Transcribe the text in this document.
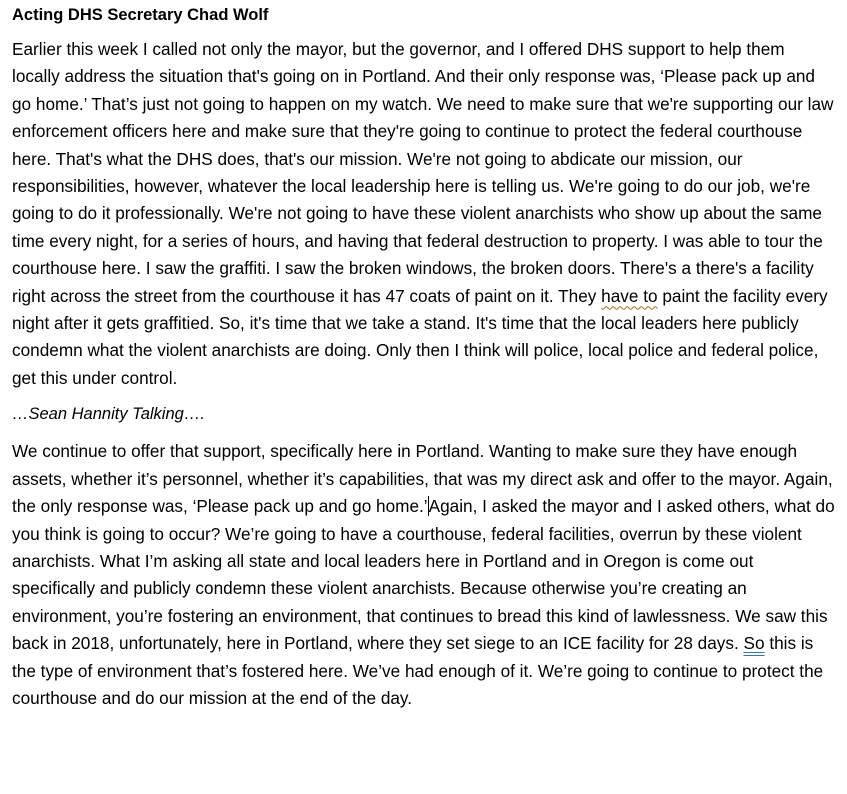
Acting DHS Secretary Chad Wolf

Earlier this week I called not only the mayor, but the governor, and I offered DHS support to help them locally address the situation that's going on in Portland. And their only response was, ‘Please pack up and go home.’ That’s just not going to happen on my watch. We need to make sure that we're supporting our law enforcement officers here and make sure that they're going to continue to protect the federal courthouse here. That's what the DHS does, that's our mission. We're not going to abdicate our mission, our responsibilities, however, whatever the local leadership here is telling us. We're going to do our job, we're going to do it professionally. We're not going to have these violent anarchists who show up about the same time every night, for a series of hours, and having that federal destruction to property. I was able to tour the courthouse here. I saw the graffiti. I saw the broken windows, the broken doors. There's a there's a facility right across the street from the courthouse it has 47 coats of paint on it. They have to paint the facility every night after it gets graffitied. So, it's time that we take a stand. It's time that the local leaders here publicly condemn what the violent anarchists are doing. Only then I think will police, local police and federal police, get this under control.

…Sean Hannity Talking….

We continue to offer that support, specifically here in Portland. Wanting to make sure they have enough assets, whether it’s personnel, whether it’s capabilities, that was my direct ask and offer to the mayor. Again, the only response was, ‘Please pack up and go home.’Again, I asked the mayor and I asked others, what do you think is going to occur? We’re going to have a courthouse, federal facilities, overrun by these violent anarchists. What I’m asking all state and local leaders here in Portland and in Oregon is come out specifically and publicly condemn these violent anarchists. Because otherwise you’re creating an environment, you’re fostering an environment, that continues to bread this kind of lawlessness. We saw this back in 2018, unfortunately, here in Portland, where they set siege to an ICE facility for 28 days. So this is the type of environment that’s fostered here. We’ve had enough of it. We’re going to continue to protect the courthouse and do our mission at the end of the day.
